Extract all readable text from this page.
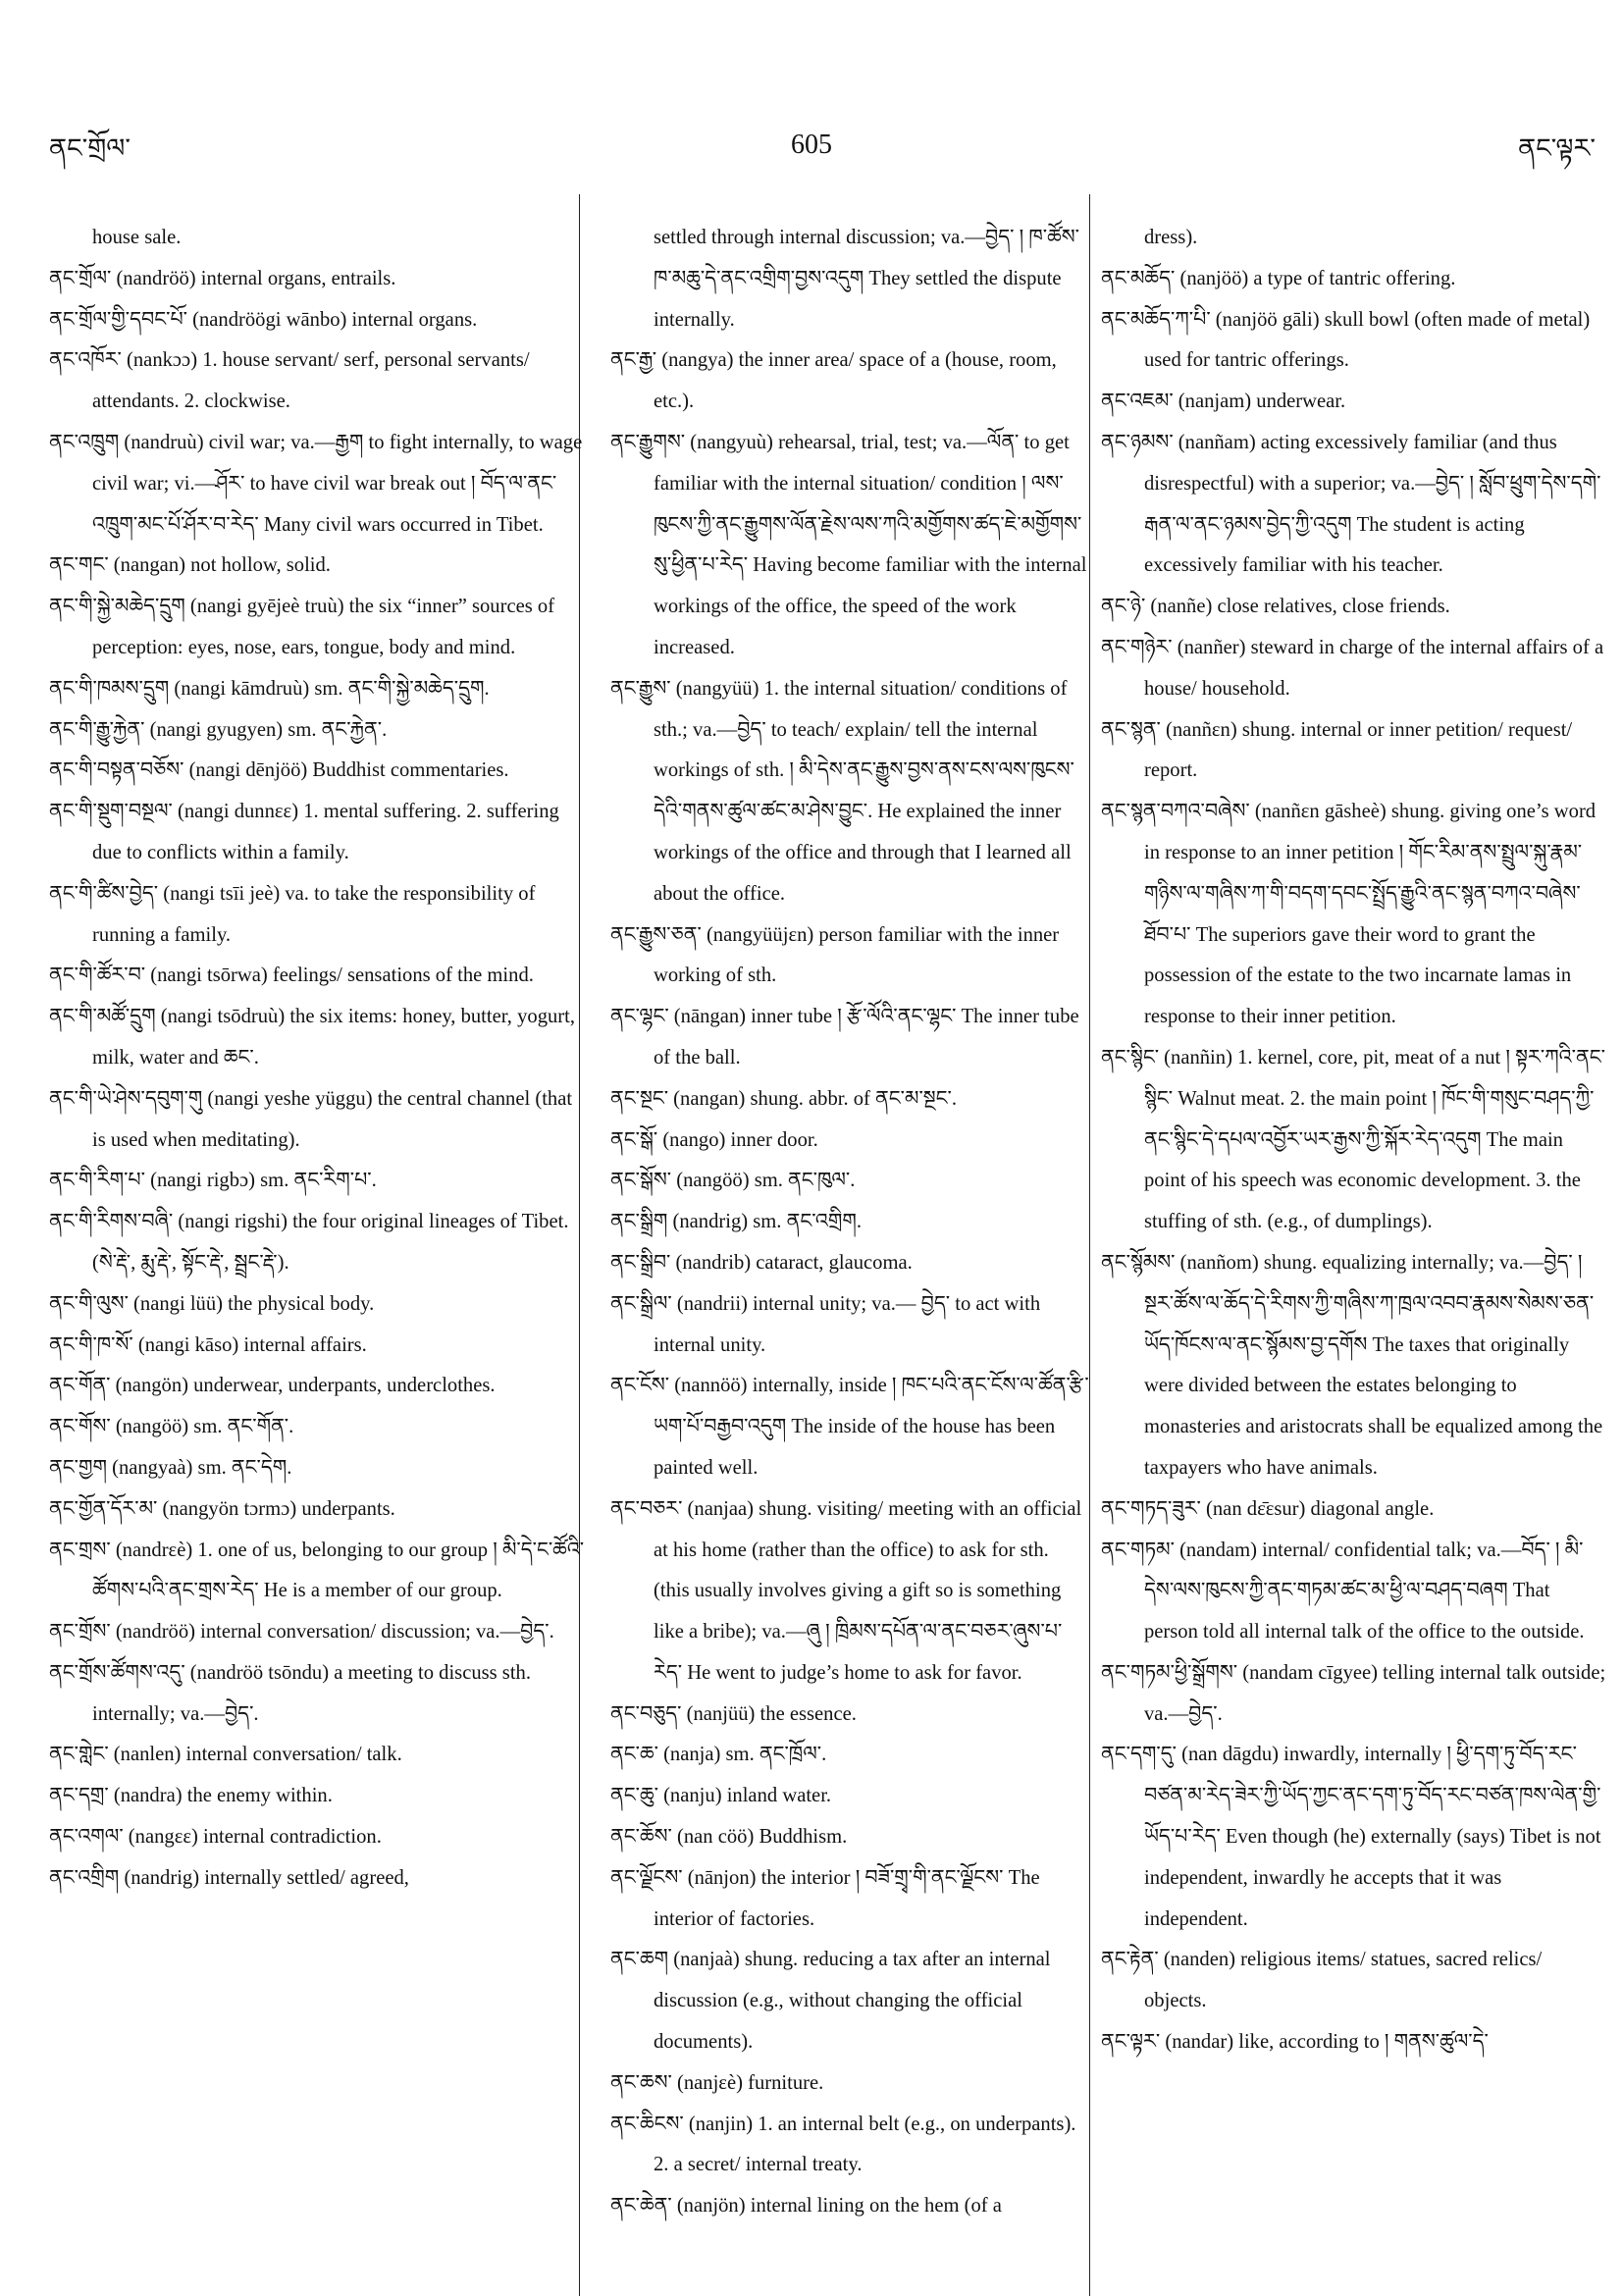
ནང་གྲོལ་	605	ནང་ལྟར་

house sale.

ནང་གྲོལ་ (nandröö) internal organs, entrails.

ནང་གྲོལ་གྱི་དབང་པོ་ (nandröögi wānbo) internal organs.

ནང་འཁོར་ (nankɔɔ) 1. house servant/ serf, personal servants/ attendants. 2. clockwise.

ནང་འཁྲུག (nandruù) civil war; va.—རྒྱག to fight internally, to wage civil war; vi.—ཤོར་ to have civil war break out ། བོད་ལ་ནང་འཁྲུག་མང་པོ་ཤོར་བ་རེད་ Many civil wars occurred in Tibet.

ནང་གང་ (nangan) not hollow, solid.

ནང་གི་སྐྱེ་མཆེད་དྲུག (nangi gyējeè truù) the six “inner” sources of perception: eyes, nose, ears, tongue, body and mind.

ནང་གི་ཁམས་དྲུག (nangi kāmdruù) sm. ནང་གི་སྐྱེ་མཆེད་དྲུག.

ནང་གི་རྒྱུ་རྐྱེན་ (nangi gyugyen) sm. ནང་རྐྱེན་.

ནང་གི་བསྟན་བཅོས་ (nangi dēnjöö) Buddhist commentaries.

ནང་གི་སྡུག་བསྔལ་ (nangi dunnɛɛ) 1. mental suffering. 2. suffering due to conflicts within a family.

ནང་གི་ཚིས་བྱེད་ (nangi tsīi jeè) va. to take the responsibility of running a family.

ནང་གི་ཚོར་བ་ (nangi tsōrwa) feelings/ sensations of the mind.

ནང་གི་མཚོ་དྲུག (nangi tsōdruù) the six items: honey, butter, yogurt, milk, water and ཆང་.

ནང་གི་ཡེ་ཤེས་དབུག་གུ (nangi yeshe yüggu) the central channel (that is used when meditating).

ནང་གི་རིག་པ་ (nangi rigbɔ) sm. ནང་རིག་པ་.

ནང་གི་རིགས་བཞི་ (nangi rigshi) the four original lineages of Tibet. (སེ་རྡེ་, རྨུ་རྡེ་, སྟོང་རྡེ་, སྦྲང་རྡེ་).

ནང་གི་ལུས་ (nangi lüü) the physical body.

ནང་གི་ཁ་སོ་ (nangi kāso) internal affairs.

ནང་གོན་ (nangön) underwear, underpants, underclothes.

ནང་གོས་ (nangöö) sm. ནང་གོན་.

ནང་གྱག (nangyaà) sm. ནང་དེག.

ནང་གྱོན་དོར་མ་ (nangyön tɔrmɔ) underpants.

ནང་གྲས་ (nandrɛè) 1. one of us, belonging to our group ། མི་དེ་ང་ཚོའི་ཚོགས་པའི་ནང་གྲས་རེད་ He is a member of our group.

ནང་གྲོས་ (nandröö) internal conversation/ discussion; va.—བྱེད་.

ནང་གྲོས་ཚོགས་འདུ་ (nandröö tsōndu) a meeting to discuss sth. internally; va.—བྱེད་.

ནང་གླེང་ (nanlen) internal conversation/ talk.

ནང་དགྲ་ (nandra) the enemy within.

ནང་འགལ་ (nangɛɛ) internal contradiction.

ནང་འགྲིག (nandrig) internally settled/ agreed,

settled through internal discussion; va.—བྱེད་ ། ཁ་ཚོས་ཁ་མཆུ་དེ་ནང་འགྲིག་བྱས་འདུག They settled the dispute internally.

ནང་རྒྱ་ (nangya) the inner area/ space of a (house, room, etc.).

ནང་རྒྱུགས་ (nangyuù) rehearsal, trial, test; va.—ལོན་ to get familiar with the internal situation/ condition ། ལས་ཁུངས་ཀྱི་ནང་རྒྱུགས་ལོན་རྗེས་ལས་ཀའི་མགྱོགས་ཚད་ཇེ་མགྱོགས་སུ་ཕྱིན་པ་རེད་ Having become familiar with the internal workings of the office, the speed of the work increased.

ནང་རྒྱུས་ (nangyüü) 1. the internal situation/ conditions of sth.; va.—བྱེད་ to teach/ explain/ tell the internal workings of sth. ། མི་དེས་ནང་རྒྱུས་བྱས་ནས་ངས་ལས་ཁུངས་དེའི་གནས་ཚུལ་ཚང་མ་ཤེས་བྱུང་. He explained the inner workings of the office and through that I learned all about the office.

ནང་རྒྱུས་ཅན་ (nangyüüjɛn) person familiar with the inner working of sth.

ནང་ལྷང་ (nāngan) inner tube ། རྩོ་ལོའི་ནང་ལྷང་ The inner tube of the ball.

ནང་སྔང་ (nangan) shung. abbr. of ནང་མ་སྔང་.

ནང་སྒོ་ (nango) inner door.

ནང་སྒོས་ (nangöö) sm. ནང་ཁུལ་.

ནང་སྒྲིག (nandrig) sm. ནང་འགྲིག.

ནང་སྒྲིབ་ (nandrib) cataract, glaucoma.

ནང་སྒྲིལ་ (nandrii) internal unity; va.— བྱེད་ to act with internal unity.

ནང་ངོས་ (nannöö) internally, inside ། ཁང་པའི་ནང་ངོས་ལ་ཚོན་རྩི་ཡག་པོ་བརྒྱབ་འདུག The inside of the house has been painted well.

ནང་བཅར་ (nanjaa) shung. visiting/ meeting with an official at his home (rather than the office) to ask for sth. (this usually involves giving a gift so is something like a bribe); va.—ཞུ ། ཁྲིམས་དཔོན་ལ་ནང་བཅར་ཞུས་པ་རེད་ He went to judge’s home to ask for favor.

ནང་བཅུད་ (nanjüü) the essence.

ནང་ཆ་ (nanja) sm. ནང་ཁྲོལ་.

ནང་ཆུ་ (nanju) inland water.

ནང་ཆོས་ (nan cöö) Buddhism.

ནང་ལྗོངས་ (nānjon) the interior ། བཟོ་གྲྭ་གི་ནང་ལྗོངས་ The interior of factories.

ནང་ཆག (nanjaà) shung. reducing a tax after an internal discussion (e.g., without changing the official documents).

ནང་ཆས་ (nanjɛè) furniture.

ནང་ཆིངས་ (nanjin) 1. an internal belt (e.g., on underpants). 2. a secret/ internal treaty.

ནང་ཆེན་ (nanjön) internal lining on the hem (of a

dress).

ནང་མཆོད་ (nanjöö) a type of tantric offering.

ནང་མཆོད་ཀ་པི་ (nanjöö gāli) skull bowl (often made of metal) used for tantric offerings.

ནང་འཇམ་ (nanjam) underwear.

ནང་ཉམས་ (nanñam) acting excessively familiar (and thus disrespectful) with a superior; va.—བྱེད་ ། སློབ་ཕྲུག་དེས་དགེ་རྒན་ལ་ནང་ཉམས་བྱེད་ཀྱི་འདུག The student is acting excessively familiar with his teacher.

ནང་ཉེ་ (nanñe) close relatives, close friends.

ནང་གཉེར་ (nanñer) steward in charge of the internal affairs of a house/ household.

ནང་སྙན་ (nanñɛn) shung. internal or inner petition/ request/ report.

ནང་སྙན་བཀའ་བཞེས་ (nanñɛn gāsheè) shung. giving one’s word in response to an inner petition ། གོང་རིམ་ནས་སྤྲུལ་སྐུ་རྣམ་གཉིས་ལ་གཞིས་ཀ་གི་བདག་དབང་སྤྲོད་རྒྱུའི་ནང་སྙན་བཀའ་བཞེས་ཐོབ་པ་ The superiors gave their word to grant the possession of the estate to the two incarnate lamas in response to their inner petition.

ནང་སྙིང་ (nanñin) 1. kernel, core, pit, meat of a nut ། སྟར་ཀའི་ནང་སྙིང་ Walnut meat. 2. the main point ། ཁོང་གི་གསུང་བཤད་ཀྱི་ནང་སྙིང་དེ་དཔལ་འབྱོར་ཡར་རྒྱས་ཀྱི་སྐོར་རེད་འདུག The main point of his speech was economic development. 3. the stuffing of sth. (e.g., of dumplings).

ནང་སྙོམས་ (nanñom) shung. equalizing internally; va.—བྱེད་ ། སྔར་ཚོས་ལ་ཆོད་དེ་རིགས་ཀྱི་གཞིས་ཀ་ཁྲལ་འབབ་རྣམས་སེམས་ཅན་ཡོད་ཁོངས་ལ་ནང་སྙོམས་བྱ་དགོས The taxes that originally were divided between the estates belonging to monasteries and aristocrats shall be equalized among the taxpayers who have animals.

ནང་གཏད་ཟུར་ (nan dɛ̄ɛsur) diagonal angle.

ནང་གཏམ་ (nandam) internal/ confidential talk; va.—བོད་ ། མི་དེས་ལས་ཁུངས་ཀྱི་ནང་གཏམ་ཚང་མ་ཕྱི་ལ་བཤད་བཞག That person told all internal talk of the office to the outside.

ནང་གཏམ་ཕྱི་སྒྲོགས་ (nandam cīgyee) telling internal talk outside; va.—བྱེད་.

ནང་དག་དུ་ (nan dāgdu) inwardly, internally ། ཕྱི་དག་ཏུ་བོད་རང་བཙན་མ་རེད་ཟེར་ཀྱི་ཡོད་ཀྱང་ནང་དག་ཏུ་བོད་རང་བཙན་ཁས་ལེན་གྱི་ཡོད་པ་རེད་ Even though (he) externally (says) Tibet is not independent, inwardly he accepts that it was independent.

ནང་རྟེན་ (nanden) religious items/ statues, sacred relics/ objects.

ནང་ལྟར་ (nandar) like, according to ། གནས་ཚུལ་དེ་
